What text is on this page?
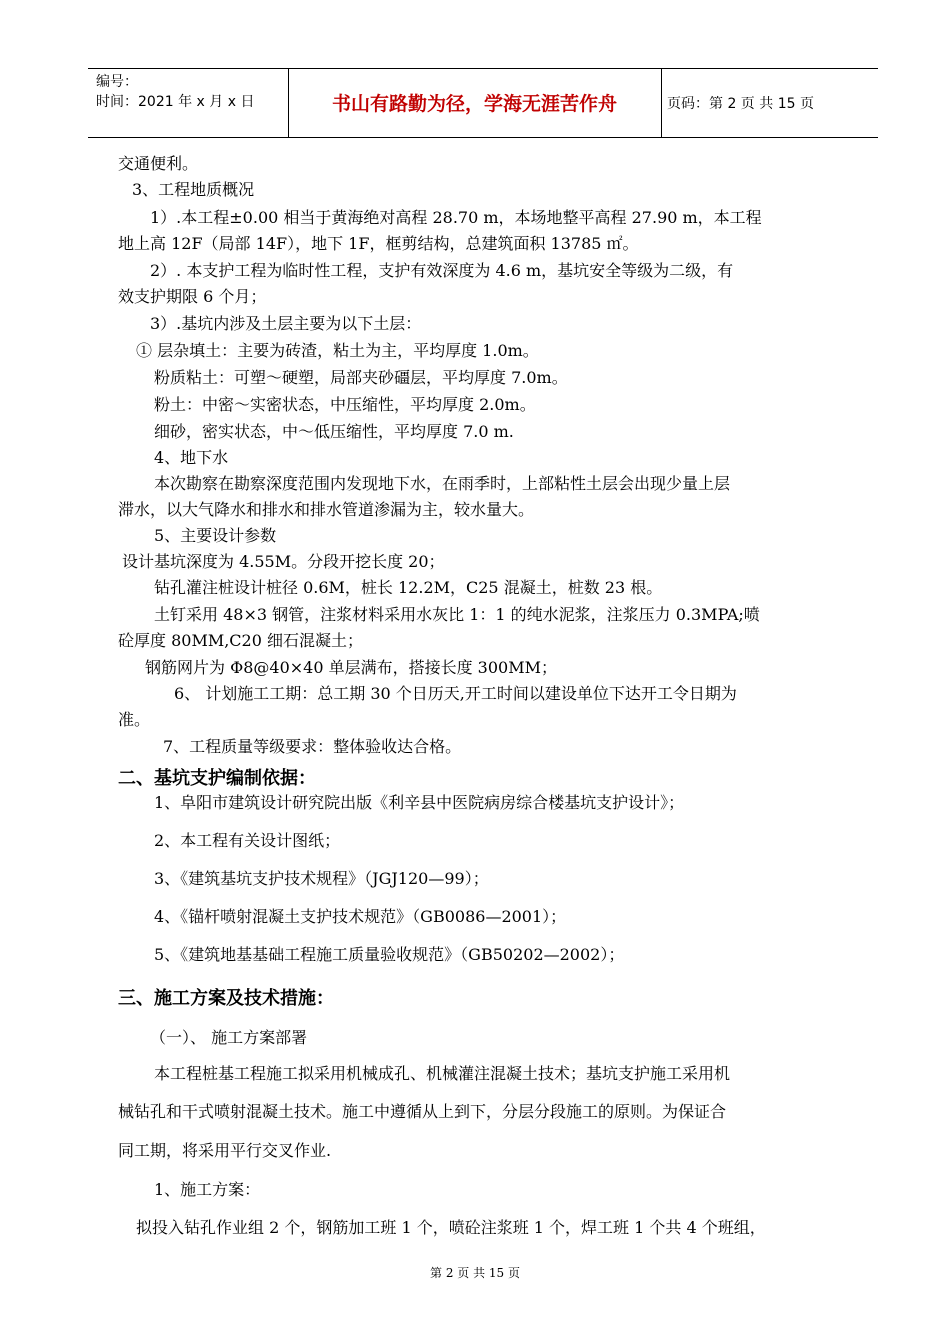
编号：
时间：2021 年 x 月 x 日	书山有路勤为径，学海无涯苦作舟	页码：第 2 页 共 15 页
交通便利。
3、工程地质概况
1）.本工程±0.00 相当于黄海绝对高程 28.70 m，本场地整平高程 27.90 m，本工程
地上高 12F（局部 14F），地下 1F，框剪结构，总建筑面积 13785 ㎡。
2）. 本支护工程为临时性工程，支护有效深度为 4.6 m，基坑安全等级为二级，有
效支护期限 6 个月；
3）.基坑内涉及土层主要为以下土层：
① 层杂填土：主要为砖渣，粘土为主，平均厚度 1.0m。
粉质粘土：可塑～硬塑，局部夹砂礓层，平均厚度 7.0m。
粉土：中密～实密状态，中压缩性，平均厚度 2.0m。
细砂，密实状态，中～低压缩性，平均厚度 7.0 m.
4、地下水
本次勘察在勘察深度范围内发现地下水，在雨季时，上部粘性土层会出现少量上层
滞水，以大气降水和排水和排水管道渗漏为主，较水量大。
5、主要设计参数
设计基坑深度为 4.55M。分段开挖长度 20；
钻孔灌注桩设计桩径 0.6M，桩长 12.2M，C25 混凝土，桩数 23 根。
土钉采用 48×3 钢管，注浆材料采用水灰比 1：1 的纯水泥浆，注浆压力 0.3MPA;喷
砼厚度 80MM,C20 细石混凝土；
钢筋网片为 Φ8@40×40 单层满布，搭接长度 300MM；
6、 计划施工工期：总工期 30 个日历天,开工时间以建设单位下达开工令日期为
准。
7、工程质量等级要求：整体验收达合格。
二、基坑支护编制依据：
1、阜阳市建筑设计研究院出版《利辛县中医院病房综合楼基坑支护设计》；
2、本工程有关设计图纸；
3、《建筑基坑支护技术规程》（JGJ120—99）；
4、《锚杆喷射混凝土支护技术规范》（GB0086—2001）；
5、《建筑地基基础工程施工质量验收规范》（GB50202—2002）；
三、施工方案及技术措施：
（一）、 施工方案部署
本工程桩基工程施工拟采用机械成孔、机械灌注混凝土技术；基坑支护施工采用机
械钻孔和干式喷射混凝土技术。施工中遵循从上到下，分层分段施工的原则。为保证合
同工期，将采用平行交叉作业.
1、施工方案：
拟投入钻孔作业组 2 个，钢筋加工班 1 个，喷砼注浆班 1 个，焊工班 1 个共 4 个班组，
第 2 页 共 15 页
